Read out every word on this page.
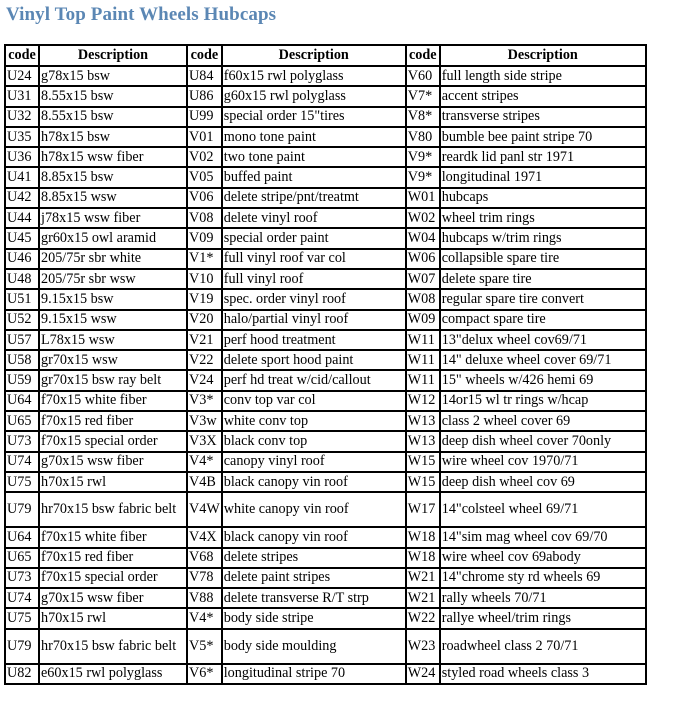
Vinyl Top Paint Wheels Hubcaps
code	Description	code	Description	code	Description
U24	g78x15 bsw	U84	f60x15 rwl polyglass	V60	full length side stripe
U31	8.55x15 bsw	U86	g60x15 rwl polyglass	V7*	accent stripes
U32	8.55x15 bsw	U99	special order 15"tires	V8*	transverse stripes
U35	h78x15 bsw	V01	mono tone paint	V80	bumble bee paint stripe 70
U36	h78x15 wsw fiber	V02	two tone paint	V9*	reardk lid panl str 1971
U41	8.85x15 bsw	V05	buffed paint	V9*	longitudinal 1971
U42	8.85x15 wsw	V06	delete stripe/pnt/treatmt	W01	hubcaps
U44	j78x15 wsw fiber	V08	delete vinyl roof	W02	wheel trim rings
U45	gr60x15 owl aramid	V09	special order paint	W04	hubcaps w/trim rings
U46	205/75r sbr white	V1*	full vinyl roof var col	W06	collapsible spare tire
U48	205/75r sbr wsw	V10	full vinyl roof	W07	delete spare tire
U51	9.15x15 bsw	V19	spec. order vinyl roof	W08	regular spare tire convert
U52	9.15x15 wsw	V20	halo/partial vinyl roof	W09	compact spare tire
U57	L78x15 wsw	V21	perf hood treatment	W11	13"delux wheel cov69/71
U58	gr70x15 wsw	V22	delete sport hood paint	W11	14" deluxe wheel cover 69/71
U59	gr70x15 bsw ray belt	V24	perf hd treat w/cid/callout	W11	15" wheels w/426 hemi 69
U64	f70x15 white fiber	V3*	conv top var col	W12	14or15 wl tr rings w/hcap
U65	f70x15 red fiber	V3w	white conv top	W13	class 2 wheel cover 69
U73	f70x15 special order	V3X	black conv top	W13	deep dish wheel cover 70only
U74	g70x15 wsw fiber	V4*	canopy vinyl roof	W15	wire wheel cov 1970/71
U75	h70x15 rwl	V4B	black canopy vin roof	W15	deep dish wheel cov 69
U79	hr70x15 bsw fabric belt	V4W	white canopy vin roof	W17	14"colsteel wheel 69/71
U64	f70x15 white fiber	V4X	black canopy vin roof	W18	14"sim mag wheel cov 69/70
U65	f70x15 red fiber	V68	delete stripes	W18	wire wheel cov 69abody
U73	f70x15 special order	V78	delete paint stripes	W21	14"chrome sty rd wheels 69
U74	g70x15 wsw fiber	V88	delete transverse R/T strp	W21	rally wheels 70/71
U75	h70x15 rwl	V4*	body side stripe	W22	rallye wheel/trim rings
U79	hr70x15 bsw fabric belt	V5*	body side moulding	W23	roadwheel class 2 70/71
U82	e60x15 rwl polyglass	V6*	longitudinal stripe 70	W24	styled road wheels class 3
